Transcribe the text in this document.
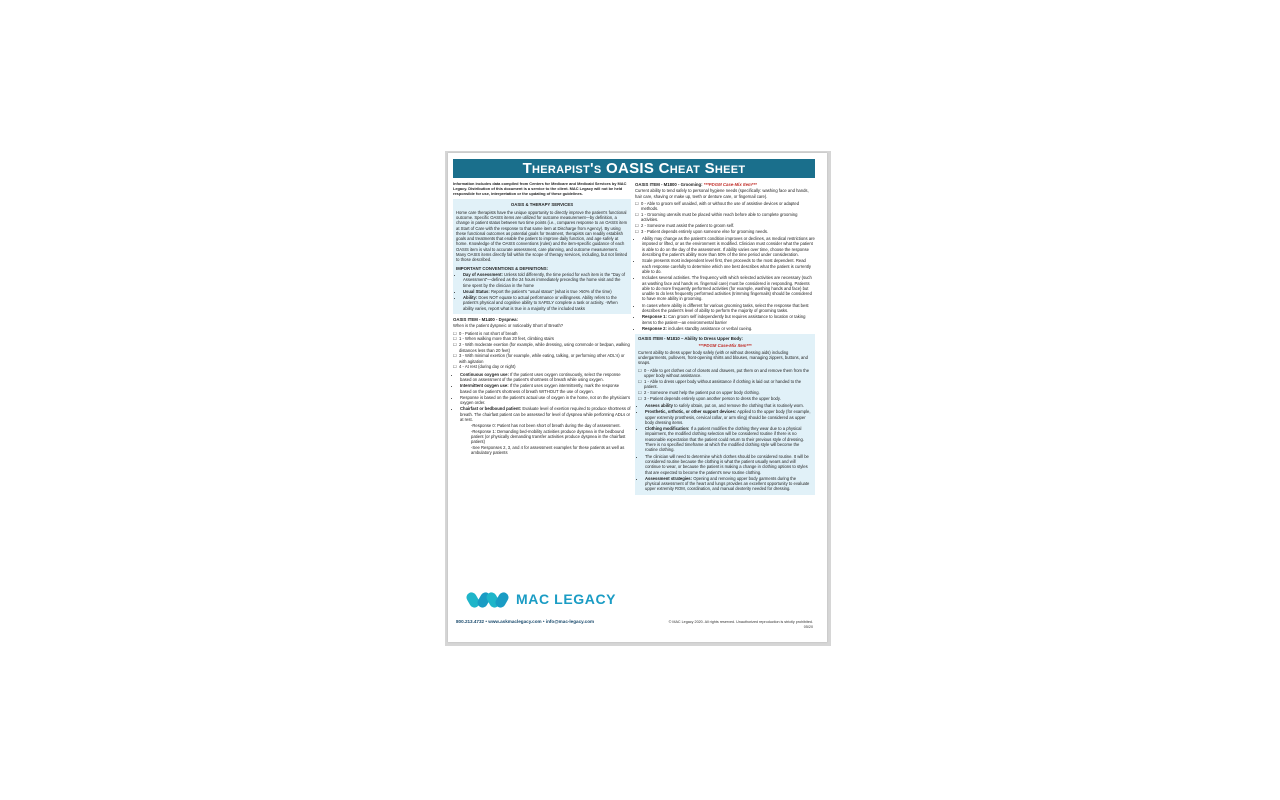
Therapist's OASIS Cheat Sheet
Information includes data compiled from Centers for Medicare and Medicaid Services by MAC Legacy. Distribution of this document is a service to the client. MAC Legacy will not be held responsible for use, interpretation or the updating of these guidelines.
OASIS & THERAPY SERVICES
Home care therapists have the unique opportunity to directly improve the patient's functional outcome. Specific OASIS items are utilized for outcome measurement—by definition, a change in patient status between two time points (i.e., compares response to an OASIS item at Start of Care with the response to that same item at Discharge from Agency). By using these functional outcomes as potential goals for treatment, therapists can readily establish goals and treatments that enable the patient to improve daily function, and age safely at home. Knowledge of the OASIS conventions (rules) and the item-specific guidance of each OASIS item is vital to accurate assessment, care planning, and outcome measurement. Many OASIS items directly fall within the scope of therapy services, including, but not limited to those described.
IMPORTANT CONVENTIONS & DEFINITIONS:
• Day of Assessment: Unless told differently, the time period for each item is the "Day of Assessment"—defined as the 24 hours immediately preceding the home visit and the time spent by the clinician in the home
• Usual Status: Report the patient's "usual status" (what is true >50% of the time)
• Ability: Does NOT equate to actual performance or willingness. Ability refers to the patient's physical and cognitive ability to SAFELY complete a task or activity. -When ability varies, report what is true in a majority of the included tasks
OASIS ITEM - M1400 - Dyspnea:
When is the patient dyspneic or noticeably Short of Breath?
☐ 0 - Patient is not short of breath
☐ 1 - When walking more than 20 feet, climbing stairs
☐ 2 - With moderate exertion (for example, while dressing, using commode or bedpan, walking distances less than 20 feet)
☐ 3 - With minimal exertion (for example, while eating, talking, or performing other ADL's) or with agitation
☐ 4 - At rest (during day or night)
• Continuous oxygen use: If the patient uses oxygen continuously, select the response based on assessment of the patient's shortness of breath while using oxygen.
• Intermittent oxygen use: If the patient uses oxygen intermittently, mark the response based on the patient's shortness of breath WITHOUT the use of oxygen.
• Response is based on the patient's actual use of oxygen in the home, not on the physician's oxygen order.
• Chairfast or bedbound patient: Evaluate level of exertion required to produce shortness of breath. The chairfast patient can be assessed for level of dyspnea while performing ADLs or at rest.
-Response 0: Patient has not been short of breath during the day of assessment.
-Response 1: Demanding bed-mobility activities produce dyspnea in the bedbound patient (or physically demanding transfer activities produce dyspnea in the chairfast patient)
-See Responses 2, 3, and 4 for assessment examples for these patients as well as ambulatory patients
OASIS ITEM - M1800 - Grooming: ***PDGM Case-Mix Item***
Current ability to tend safely to personal hygiene needs (specifically: washing face and hands, hair care, shaving or make up, teeth or denture care, or fingernail care).
☐ 0 - Able to groom self unaided, with or without the use of assistive devices or adapted methods.
☐ 1 - Grooming utensils must be placed within reach before able to complete grooming activities.
☐ 2 - Someone must assist the patient to groom self.
☐ 3 - Patient depends entirely upon someone else for grooming needs.
• Ability may change as the patient's condition improves or declines, as medical restrictions are imposed or lifted, or as the environment is modified. Clinician must consider what the patient is able to do on the day of the assessment. If ability varies over time, choose the response describing the patient's ability more than 50% of the time period under consideration.
• Scale presents most independent level first, then proceeds to the most dependent. Read each response carefully to determine which one best describes what the patient is currently able to do.
• Includes several activities. The frequency with which selected activities are necessary (such as washing face and hands vs. fingernail care) must be considered in responding. Patients able to do more frequently performed activities (for example, washing hands and face) but unable to do less frequently performed activities (trimming fingernails) should be considered to have more ability in grooming.
• In cases where ability is different for various grooming tasks, select the response that best describes the patient's level of ability to perform the majority of grooming tasks.
• Response 1: Can groom self independently but requires assistance to location or taking items to the patient—an environmental barrier
• Response 2: includes standby assistance or verbal cueing.
OASIS ITEM - M1810 – Ability to Dress Upper Body:
***PDGM Case-Mix Item***
Current ability to dress upper body safely (with or without dressing aids) including undergarments, pullovers, front-opening shirts and blouses, managing zippers, buttons, and snaps.
☐ 0 - Able to get clothes out of closets and drawers, put them on and remove them from the upper body without assistance.
☐ 1 - Able to dress upper body without assistance if clothing is laid out or handed to the patient.
☐ 2 - Someone must help the patient put on upper body clothing.
☐ 3 - Patient depends entirely upon another person to dress the upper body.
• Assess ability to safely obtain, put on, and remove the clothing that is routinely worn.
• Prosthetic, orthotic, or other support devices: Applied to the upper body (for example, upper extremity prosthesis, cervical collar, or arm sling) should be considered as upper body dressing items.
• Clothing modification: If a patient modifies the clothing they wear due to a physical impairment, the modified clothing selection will be considered routine if there is no reasonable expectation that the patient could return to their previous style of dressing. There is no specified timeframe at which the modified clothing style will become the routine clothing.
• The clinician will need to determine which clothes should be considered routine. It will be considered routine because the clothing is what the patient usually wears and will continue to wear, or because the patient is making a change in clothing options to styles that are expected to become the patient's new routine clothing.
• Assessment strategies: Opening and removing upper body garments during the physical assessment of the heart and lungs provides an excellent opportunity to evaluate upper extremity ROM, coordination, and manual dexterity needed for dressing.
MAC LEGACY
800.213.4732 • www.askmaclegacy.com • info@mac-legacy.com	© MAC Legacy 2020. All rights reserved. Unauthorized reproduction is strictly prohibited. 05/20
